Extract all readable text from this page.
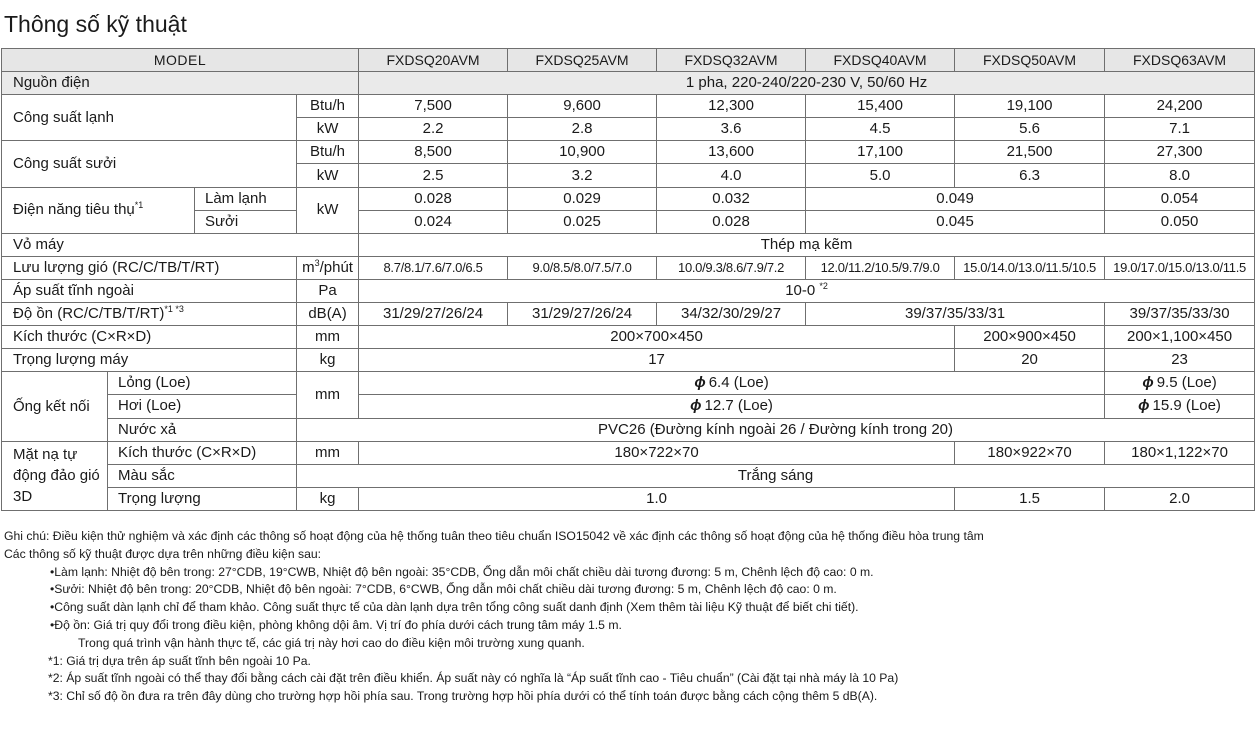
Thông số kỹ thuật
MODEL				FXDSQ20AVM	FXDSQ25AVM	FXDSQ32AVM	FXDSQ40AVM	FXDSQ50AVM	FXDSQ63AVM
Nguồn điện				1 pha, 220-240/220-230 V, 50/60 Hz					
Công suất lạnh			Btu/h	7,500	9,600	12,300	15,400	19,100	24,200
			kW	2.2	2.8	3.6	4.5	5.6	7.1
Công suất sưởi			Btu/h	8,500	10,900	13,600	17,100	21,500	27,300
			kW	2.5	3.2	4.0	5.0	6.3	8.0
Điện năng tiêu thụ$^{*1}$		Làm lạnh	kW	0.028	0.029	0.032	0.049		0.054
		Sưởi		0.024	0.025	0.028	0.045		0.050
Vỏ máy				Thép mạ kẽm					
Lưu lượng gió (RC/C/TB/T/RT)			$m^3$/phút	8.7/8.1/7.6/7.0/6.5	9.0/8.5/8.0/7.5/7.0	10.0/9.3/8.6/7.9/7.2	12.0/11.2/10.5/9.7/9.0	15.0/14.0/13.0/11.5/10.5	19.0/17.0/15.0/13.0/11.5
Áp suất tĩnh ngoài			Pa	10-0 $^{*2}$
Độ ồn $(RC/C/TB/T/RT)^{*1 *3}$			dB(A)	31/29/27/26/24	31/29/27/26/24	34/32/30/29/27	39/37/35/33/31		39/37/35/33/30
Kích thước (C×R×D)			mm	200×700×450				200×900×450	200×1,100×450
Trọng lượng máy			kg	17				20	23
Ống kết nối	Lỏng (Loe)		mm	ϕ 6.4 (Loe)					ϕ 9.5 (Loe)
	Hơi (Loe)			ϕ 12.7 (Loe)					ϕ 15.9 (Loe)
	Nước xả		PVC26 (Đường kính ngoài 26 / Đường kính trong 20)						
Mặt nạ tự động đảo gió 3D	Kích thước (C×R×D)		mm	180×722×70				180×922×70	180×1,122×70
	Màu sắc		Trắng sáng						
	Trọng lượng		kg	1.0				1.5	2.0
Ghi chú: Điều kiện thử nghiệm và xác định các thông số hoạt động của hệ thống tuân theo tiêu chuẩn ISO15042 về xác định các thông số hoạt động của hệ thống điều hòa trung tâm
Các thông số kỹ thuật được dựa trên những điều kiện sau:
•Làm lạnh: Nhiệt độ bên trong: 27°CDB, 19°CWB, Nhiệt độ bên ngoài: 35°CDB, Ống dẫn môi chất chiều dài tương đương: 5 m, Chênh lệch độ cao: 0 m.
•Sưởi: Nhiệt độ bên trong: 20°CDB, Nhiệt độ bên ngoài: 7°CDB, 6°CWB, Ống dẫn môi chất chiều dài tương đương: 5 m, Chênh lệch độ cao: 0 m.
•Công suất dàn lạnh chỉ để tham khảo. Công suất thực tế của dàn lạnh dựa trên tổng công suất danh định (Xem thêm tài liệu Kỹ thuật để biết chi tiết).
•Độ ồn: Giá trị quy đổi trong điều kiện, phòng không dội âm. Vị trí đo phía dưới cách trung tâm máy 1.5 m.
Trong quá trình vận hành thực tế, các giá trị này hơi cao do điều kiện môi trường xung quanh.
*1: Giá trị dựa trên áp suất tĩnh bên ngoài 10 Pa.
*2: Áp suất tĩnh ngoài có thể thay đổi bằng cách cài đặt trên điều khiển. Áp suất này có nghĩa là “Áp suất tĩnh cao - Tiêu chuẩn” (Cài đặt tại nhà máy là 10 Pa)
*3: Chỉ số độ ồn đưa ra trên đây dùng cho trường hợp hồi phía sau. Trong trường hợp hồi phía dưới có thể tính toán được bằng cách cộng thêm 5 dB(A).
